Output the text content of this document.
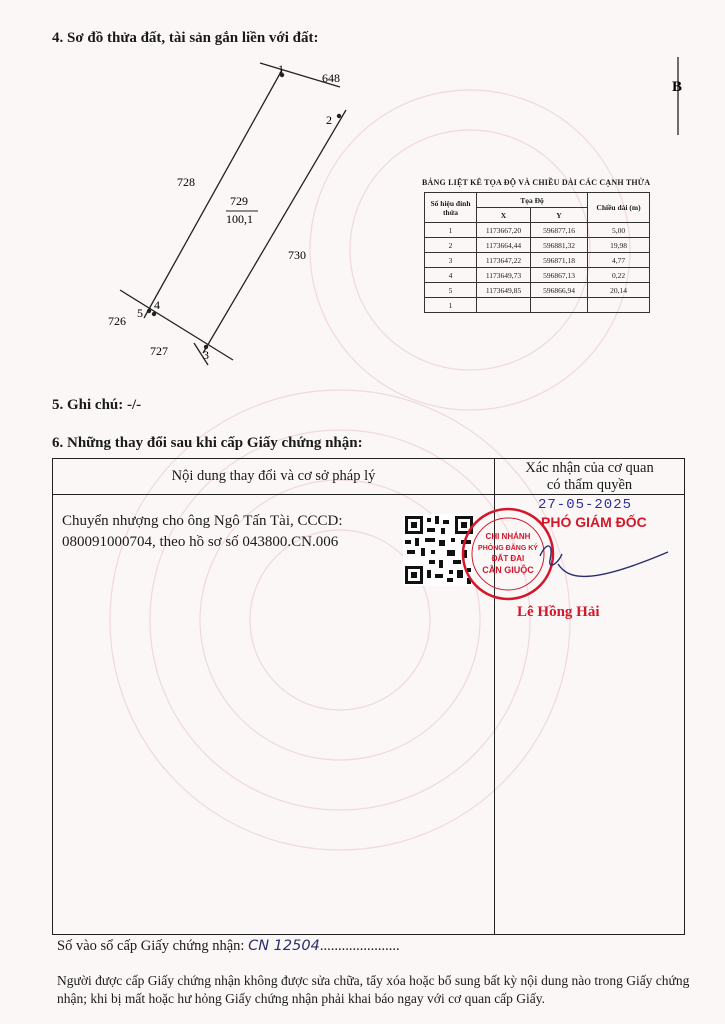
4. Sơ đồ thửa đất, tài sản gắn liền với đất:
1
2
3
4
5
648
728
730
726
727
729
100,1
B
BẢNG LIỆT KÊ TỌA ĐỘ VÀ CHIỀU DÀI CÁC CẠNH THỬA
Số hiệu đỉnh thửa	Tọa Độ		Chiều dài (m)
	X	Y	
1	1173667,20	596877,16	5,00
2	1173664,44	596881,32	19,98
3	1173647,22	596871,18	4,77
4	1173649,73	596867,13	0,22
5	1173649,85	596866,94	20,14
1			
5. Ghi chú: -/-
6. Những thay đổi sau khi cấp Giấy chứng nhận:
Nội dung thay đổi và cơ sở pháp lý	Xác nhận của cơ quan
có thẩm quyền
Chuyển nhượng cho ông Ngô Tấn Tài, CCCD: 080091000704, theo hồ sơ số 043800.CN.006	CHI NHÁNH
PHÒNG ĐĂNG KÝ
ĐẤT ĐAI
CẦN GIUỘC
27-05-2025
PHÓ GIÁM ĐỐC
Lê Hồng Hải
Số vào sổ cấp Giấy chứng nhận: CN 12504......................
Người được cấp Giấy chứng nhận không được sửa chữa, tẩy xóa hoặc bổ sung bất kỳ nội dung nào trong Giấy chứng nhận; khi bị mất hoặc hư hỏng Giấy chứng nhận phải khai báo ngay với cơ quan cấp Giấy.
